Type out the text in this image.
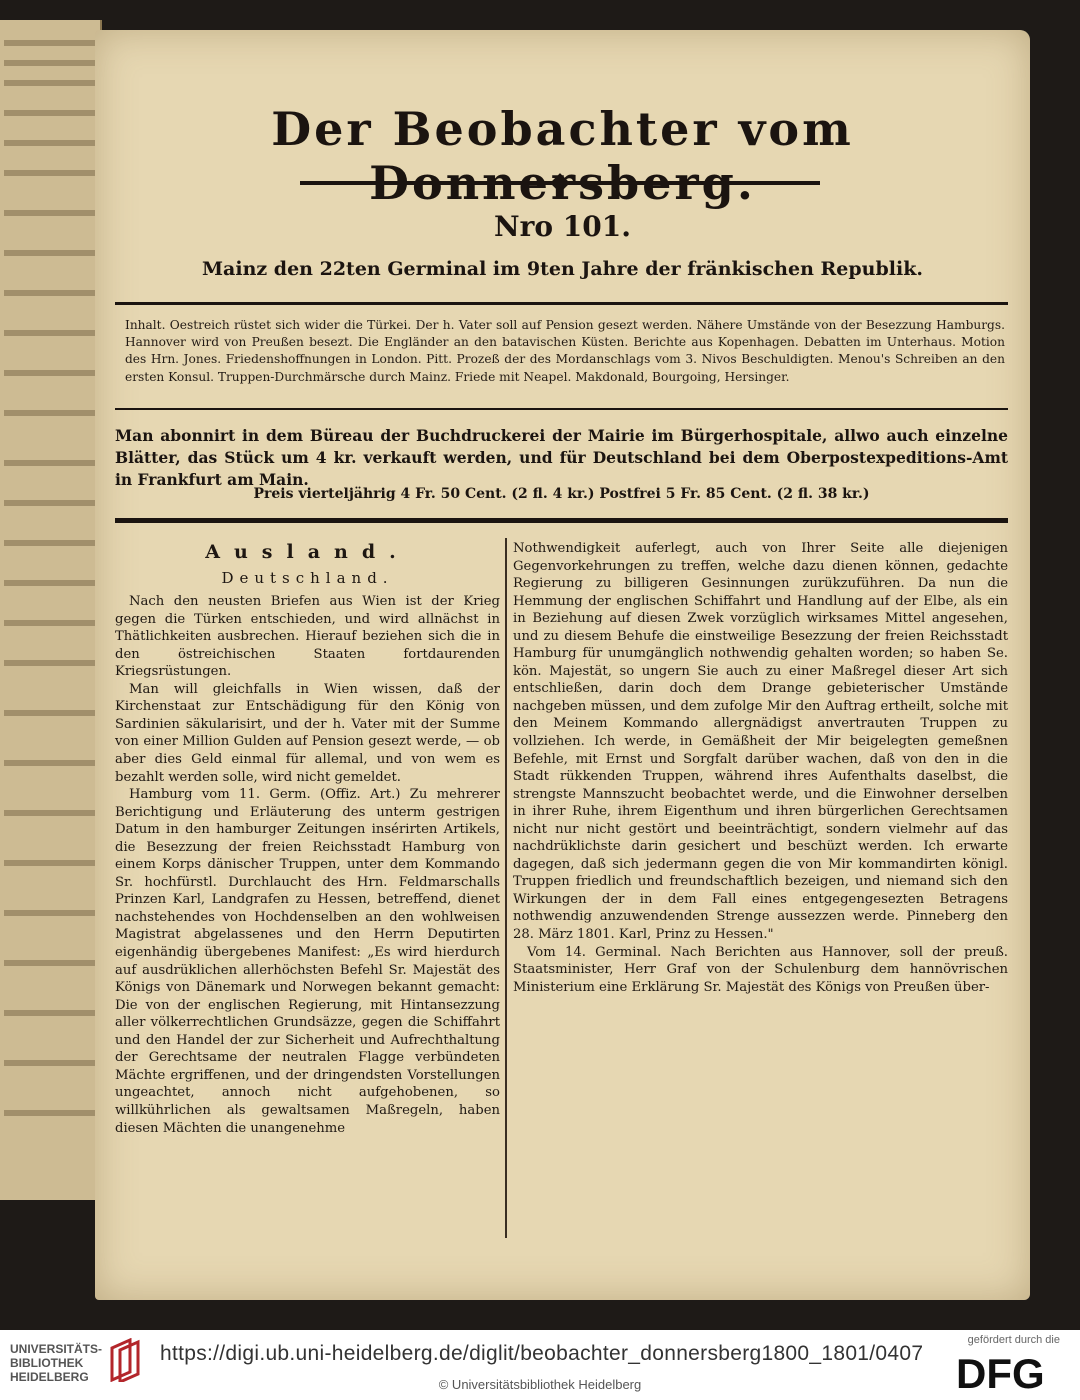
Der Beobachter vom
Nro 101.
Mainz den 22ten Germinal im 9ten Jahre der fränkischen Republik.
Inhalt. Oestreich rüstet sich wider die Türkei. Der h. Vater soll auf Pension gesezt werden. Nähere Umstände von der Besezzung Hamburgs. Hannover wird von Preußen besezt. Die Engländer an den batavischen Küsten. Berichte aus Kopenhagen. Debatten im Unterhaus. Motion des Hrn. Jones. Friedenshoffnungen in London. Pitt. Prozeß der des Mordanschlags vom 3. Nivos Beschuldigten. Menou's Schreiben an den ersten Konsul. Truppen-Durchmärsche durch Mainz. Friede mit Neapel. Makdonald, Bourgoing, Hersinger.
Man abonnirt in dem Büreau der Buchdruckerei der Mairie im Bürgerhospitale, allwo auch einzelne Blätter, das Stück um 4 kr. verkauft werden, und für Deutschland bei dem Oberpostexpeditions-Amt in Frankfurt am Main.
Preis vierteljährig 4 Fr. 50 Cent. (2 fl. 4 kr.) Postfrei 5 Fr. 85 Cent. (2 fl. 38 kr.)
Ausland.
Deutschland.

Nach den neusten Briefen aus Wien ist der Krieg gegen die Türken entschieden, und wird allnächst in Thätlichkeiten ausbrechen. Hierauf beziehen sich die in den östreichischen Staaten fortdaurenden Kriegsrüstungen.

Man will gleichfalls in Wien wissen, daß der Kirchenstaat zur Entschädigung für den König von Sardinien säkularisirt, und der h. Vater mit der Summe von einer Million Gulden auf Pension gesezt werde, — ob aber dies Geld einmal für allemal, und von wem es bezahlt werden solle, wird nicht gemeldet.

Hamburg vom 11. Germ. (Offiz. Art.) Zu mehrerer Berichtigung und Erläuterung des unterm gestrigen Datum in den hamburger Zeitungen insérirten Artikels, die Besezzung der freien Reichsstadt Hamburg von einem Korps dänischer Truppen, unter dem Kommando Sr. hochfürstl. Durchlaucht des Hrn. Feldmarschalls Prinzen Karl, Landgrafen zu Hessen, betreffend, dienet nachstehendes von Hochdenselben an den wohlweisen Magistrat abgelassenes und den Herrn Deputirten eigenhändig übergebenes Manifest: „Es wird hierdurch auf ausdrüklichen allerhöchsten Befehl Sr. Majestät des Königs von Dänemark und Norwegen bekannt gemacht: Die von der englischen Regierung, mit Hintansezzung aller völkerrechtlichen Grundsäzze, gegen die Schiffahrt und den Handel der zur Sicherheit und Aufrechthaltung der Gerechtsame der neutralen Flagge verbündeten Mächte ergriffenen, und der dringendsten Vorstellungen ungeachtet, annoch nicht aufgehobenen, so willkührlichen als gewaltsamen Maßregeln, haben diesen Mächten die unangenehme

Nothwendigkeit auferlegt, auch von Ihrer Seite alle diejenigen Gegenvorkehrungen zu treffen, welche dazu dienen können, gedachte Regierung zu billigeren Gesinnungen zurükzuführen. Da nun die Hemmung der englischen Schiffahrt und Handlung auf der Elbe, als ein in Beziehung auf diesen Zwek vorzüglich wirksames Mittel angesehen, und zu diesem Behufe die einstweilige Besezzung der freien Reichsstadt Hamburg für unumgänglich nothwendig gehalten worden; so haben Se. kön. Majestät, so ungern Sie auch zu einer Maßregel dieser Art sich entschließen, darin doch dem Drange gebieterischer Umstände nachgeben müssen, und dem zufolge Mir den Auftrag ertheilt, solche mit den Meinem Kommando allergnädigst anvertrauten Truppen zu vollziehen. Ich werde, in Gemäßheit der Mir beigelegten gemeßnen Befehle, mit Ernst und Sorgfalt darüber wachen, daß von den in die Stadt rükkenden Truppen, während ihres Aufenthalts daselbst, die strengste Mannszucht beobachtet werde, und die Einwohner derselben in ihrer Ruhe, ihrem Eigenthum und ihren bürgerlichen Gerechtsamen nicht nur nicht gestört und beeinträchtigt, sondern vielmehr auf das nachdrüklichste darin gesichert und beschüzt werden. Ich erwarte dagegen, daß sich jedermann gegen die von Mir kommandirten königl. Truppen friedlich und freundschaftlich bezeigen, und niemand sich den Wirkungen der in dem Fall eines entgegengesezten Betragens nothwendig anzuwendenden Strenge aussezzen werde. Pinneberg den 28. März 1801. Karl, Prinz zu Hessen."

Vom 14. Germinal. Nach Berichten aus Hannover, soll der preuß. Staatsminister, Herr Graf von der Schulenburg dem hannövrischen Ministerium eine Erklärung Sr. Majestät des Königs von Preußen über-

UNIVERSITÄTS-
BIBLIOTHEK
HEIDELBERG
https://digi.ub.uni-heidelberg.de/diglit/beobachter_donnersberg1800_1801/0407
© Universitätsbibliothek Heidelberg
gefördert durch die
DFG
